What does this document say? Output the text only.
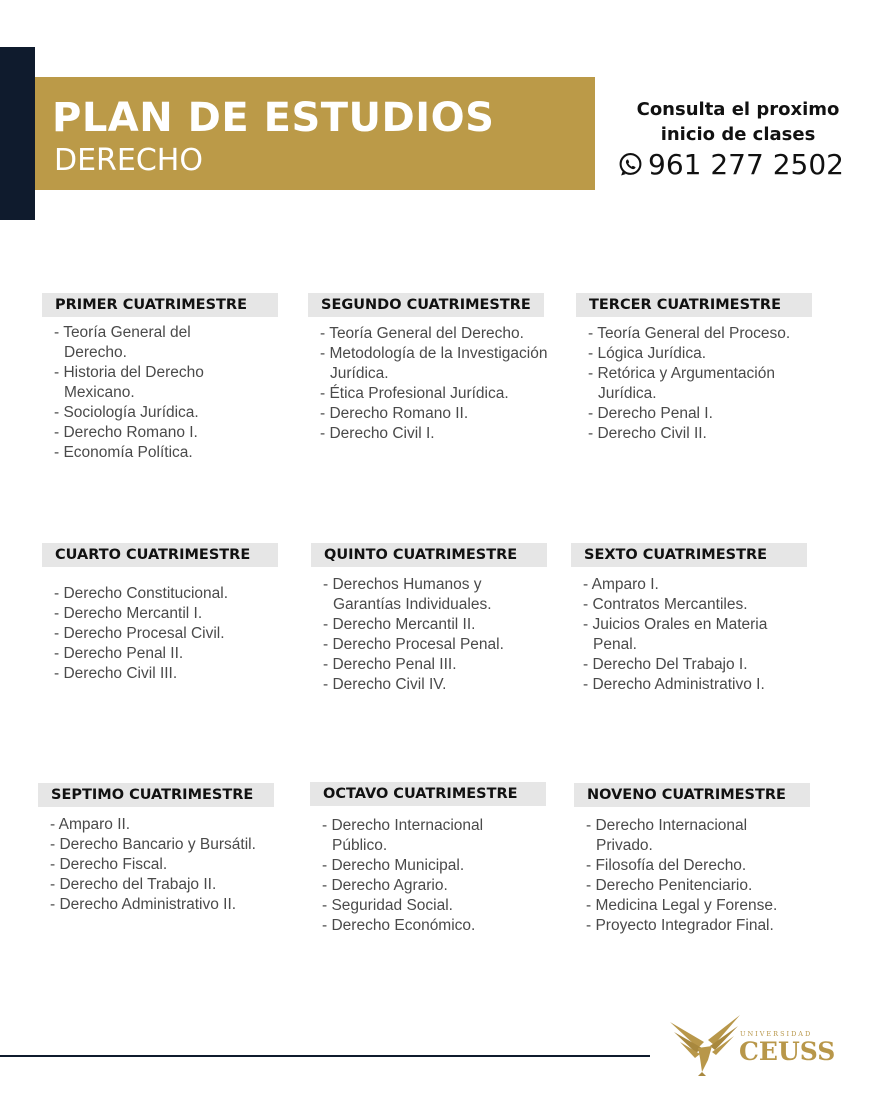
PLAN DE ESTUDIOS
DERECHO
Consulta el proximo
inicio de clases
961 277 2502
PRIMER CUATRIMESTRE
- Teoría General del Derecho.
- Historia del Derecho Mexicano.
- Sociología Jurídica.
- Derecho Romano I.
- Economía Política.
SEGUNDO CUATRIMESTRE
- Teoría General del Derecho.
- Metodología de la Investigación Jurídica.
- Ética Profesional Jurídica.
- Derecho Romano II.
- Derecho Civil I.
TERCER CUATRIMESTRE
- Teoría General del Proceso.
- Lógica Jurídica.
- Retórica y Argumentación Jurídica.
- Derecho Penal I.
- Derecho Civil II.
CUARTO CUATRIMESTRE
- Derecho Constitucional.
- Derecho Mercantil I.
- Derecho Procesal Civil.
- Derecho Penal II.
- Derecho Civil III.
QUINTO CUATRIMESTRE
- Derechos Humanos y Garantías Individuales.
- Derecho Mercantil II.
- Derecho Procesal Penal.
- Derecho Penal III.
- Derecho Civil IV.
SEXTO CUATRIMESTRE
- Amparo I.
- Contratos Mercantiles.
- Juicios Orales en Materia Penal.
- Derecho Del Trabajo I.
- Derecho Administrativo I.
SEPTIMO CUATRIMESTRE
- Amparo II.
- Derecho Bancario y Bursátil.
- Derecho Fiscal.
- Derecho del Trabajo II.
- Derecho Administrativo II.
OCTAVO CUATRIMESTRE
- Derecho Internacional Público.
- Derecho Municipal.
- Derecho Agrario.
- Seguridad Social.
- Derecho Económico.
NOVENO CUATRIMESTRE
- Derecho Internacional Privado.
- Filosofía del Derecho.
- Derecho Penitenciario.
- Medicina Legal y Forense.
- Proyecto Integrador Final.
UNIVERSIDAD
CEUSS
